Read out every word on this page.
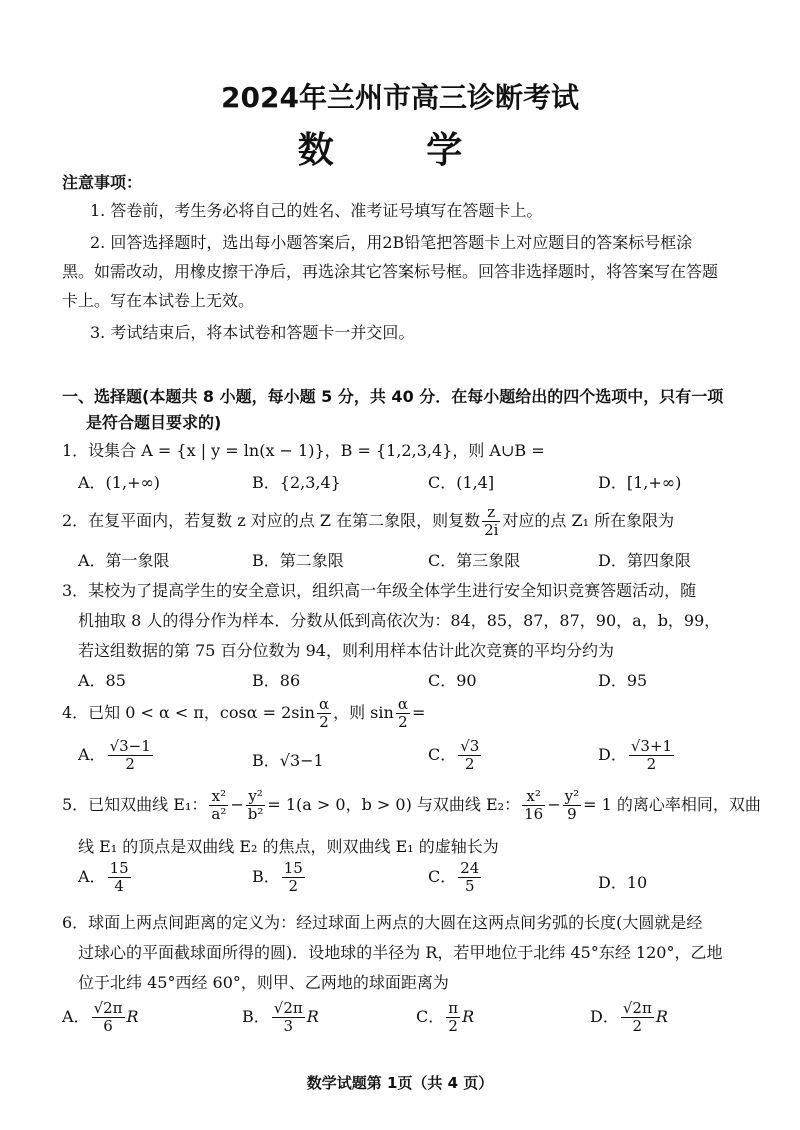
2024年兰州市高三诊断考试
数 学
注意事项：
1. 答卷前，考生务必将自己的姓名、准考证号填写在答题卡上。
2. 回答选择题时，选出每小题答案后，用2B铅笔把答题卡上对应题目的答案标号框涂黑。如需改动，用橡皮擦干净后，再选涂其它答案标号框。回答非选择题时，将答案写在答题卡上。写在本试卷上无效。
3. 考试结束后，将本试卷和答题卡一并交回。
一、选择题(本题共 8 小题，每小题 5 分，共 40 分．在每小题给出的四个选项中，只有一项
是符合题目要求的)
1．设集合 A = {x | y = ln(x − 1)}，B = {1,2,3,4}，则 A∪B =
A．(1,+∞)	B．{2,3,4}	C．(1,4]	D．[1,+∞)
2．在复平面内，若复数 z 对应的点 Z 在第二象限，则复数 $\frac{z}{2i}$ 对应的点 Z₁ 所在象限为
A．第一象限	B．第二象限	C．第三象限	D．第四象限
3．某校为了提高学生的安全意识，组织高一年级全体学生进行安全知识竞赛答题活动，随
机抽取 8 人的得分作为样本．分数从低到高依次为：84，85，87，87，90，a，b，99，
若这组数据的第 75 百分位数为 94，则利用样本估计此次竞赛的平均分约为
A．85	B．86	C．90	D．95
4．已知 0 < α < π，$\cos\alpha = 2\sin \frac{\alpha}{2}$ ，则 $\sin \frac{\alpha}{2}$ =
A． $\frac{√3-1}{2}$	B．√3−1	C． $\frac{√3}{2}$	D． $\frac{√3+1}{2}$
5．已知双曲线 E₁： $\frac{\text{x²}}{\text{a²}} - \frac{\text{y²}}{\text{b²}} = 1(a > 0$，b > 0) 与双曲线 E₂： $\frac{\text{x²}}{16} - \frac{\text{y²}}{9} = 1$ 的离心率相同，双曲
线 E₁ 的顶点是双曲线 E₂ 的焦点，则双曲线 E₁ 的虚轴长为
A． $\frac{15}{4}$	B． $\frac{15}{2}$	C． $\frac{24}{5}$	D．10
6．球面上两点间距离的定义为：经过球面上两点的大圆在这两点间劣弧的长度(大圆就是经
过球心的平面截球面所得的圆)．设地球的半径为 R，若甲地位于北纬 45°东经 120°，乙地
位于北纬 45°西经 60°，则甲、乙两地的球面距离为
A． $\frac{√2\pi}{6}$ R	B． $\frac{√2\pi}{3}$ R	C． $\frac{\pi}{2}$ R	D． $\frac{√2\pi}{2}$ R
数学试题第 1页（共 4 页）
